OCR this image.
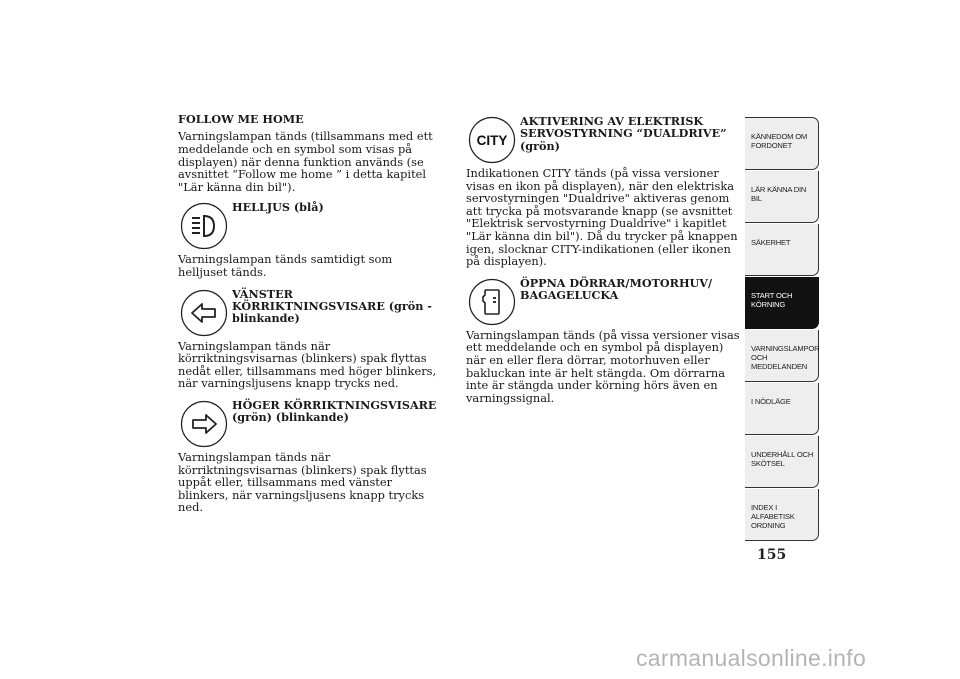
FOLLOW ME HOME

Varningslampan tänds (tillsammans med ett meddelande och en symbol som visas på displayen) när denna funktion används (se avsnittet “Follow me home ” i detta kapitel "Lär känna din bil").

HELLJUS (blå)

Varningslampan tänds samtidigt som helljuset tänds.

VÄNSTER KÖRRIKTNINGSVISARE (grön - blinkande)

Varningslampan tänds när körriktningsvisarnas (blinkers) spak flyttas nedåt eller, tillsammans med höger blinkers, när varningsljusens knapp trycks ned.

HÖGER KÖRRIKTNINGSVISARE (grön) (blinkande)

Varningslampan tänds när körriktningsvisarnas (blinkers) spak flyttas uppåt eller, tillsammans med vänster blinkers, när varningsljusens knapp trycks ned.

CITY
AKTIVERING AV ELEKTRISK SERVOSTYRNING “DUALDRIVE” (grön)

Indikationen CITY tänds (på vissa versioner visas en ikon på displayen), när den elektriska servostyrningen "Dualdrive" aktiveras genom att trycka på motsvarande knapp (se avsnittet "Elektrisk servostyrning Dualdrive" i kapitlet "Lär känna din bil"). Då du trycker på knappen igen, slocknar CITY-indikationen (eller ikonen på displayen).

ÖPPNA DÖRRAR/MOTORHUV/ BAGAGELUCKA

Varningslampan tänds (på vissa versioner visas ett meddelande och en symbol på displayen) när en eller flera dörrar, motorhuven eller bakluckan inte är helt stängda. Om dörrarna inte är stängda under körning hörs även en varningssignal.

KÄNNEDOM OM FORDONET
LÄR KÄNNA DIN BIL
SÄKERHET
START OCH KÖRNING
VARNINGSLAMPOR OCH MEDDELANDEN
I NÖDLÄGE
UNDERHÅLL OCH SKÖTSEL
INDEX I ALFABETISK ORDNING
155
carmanualsonline.info
